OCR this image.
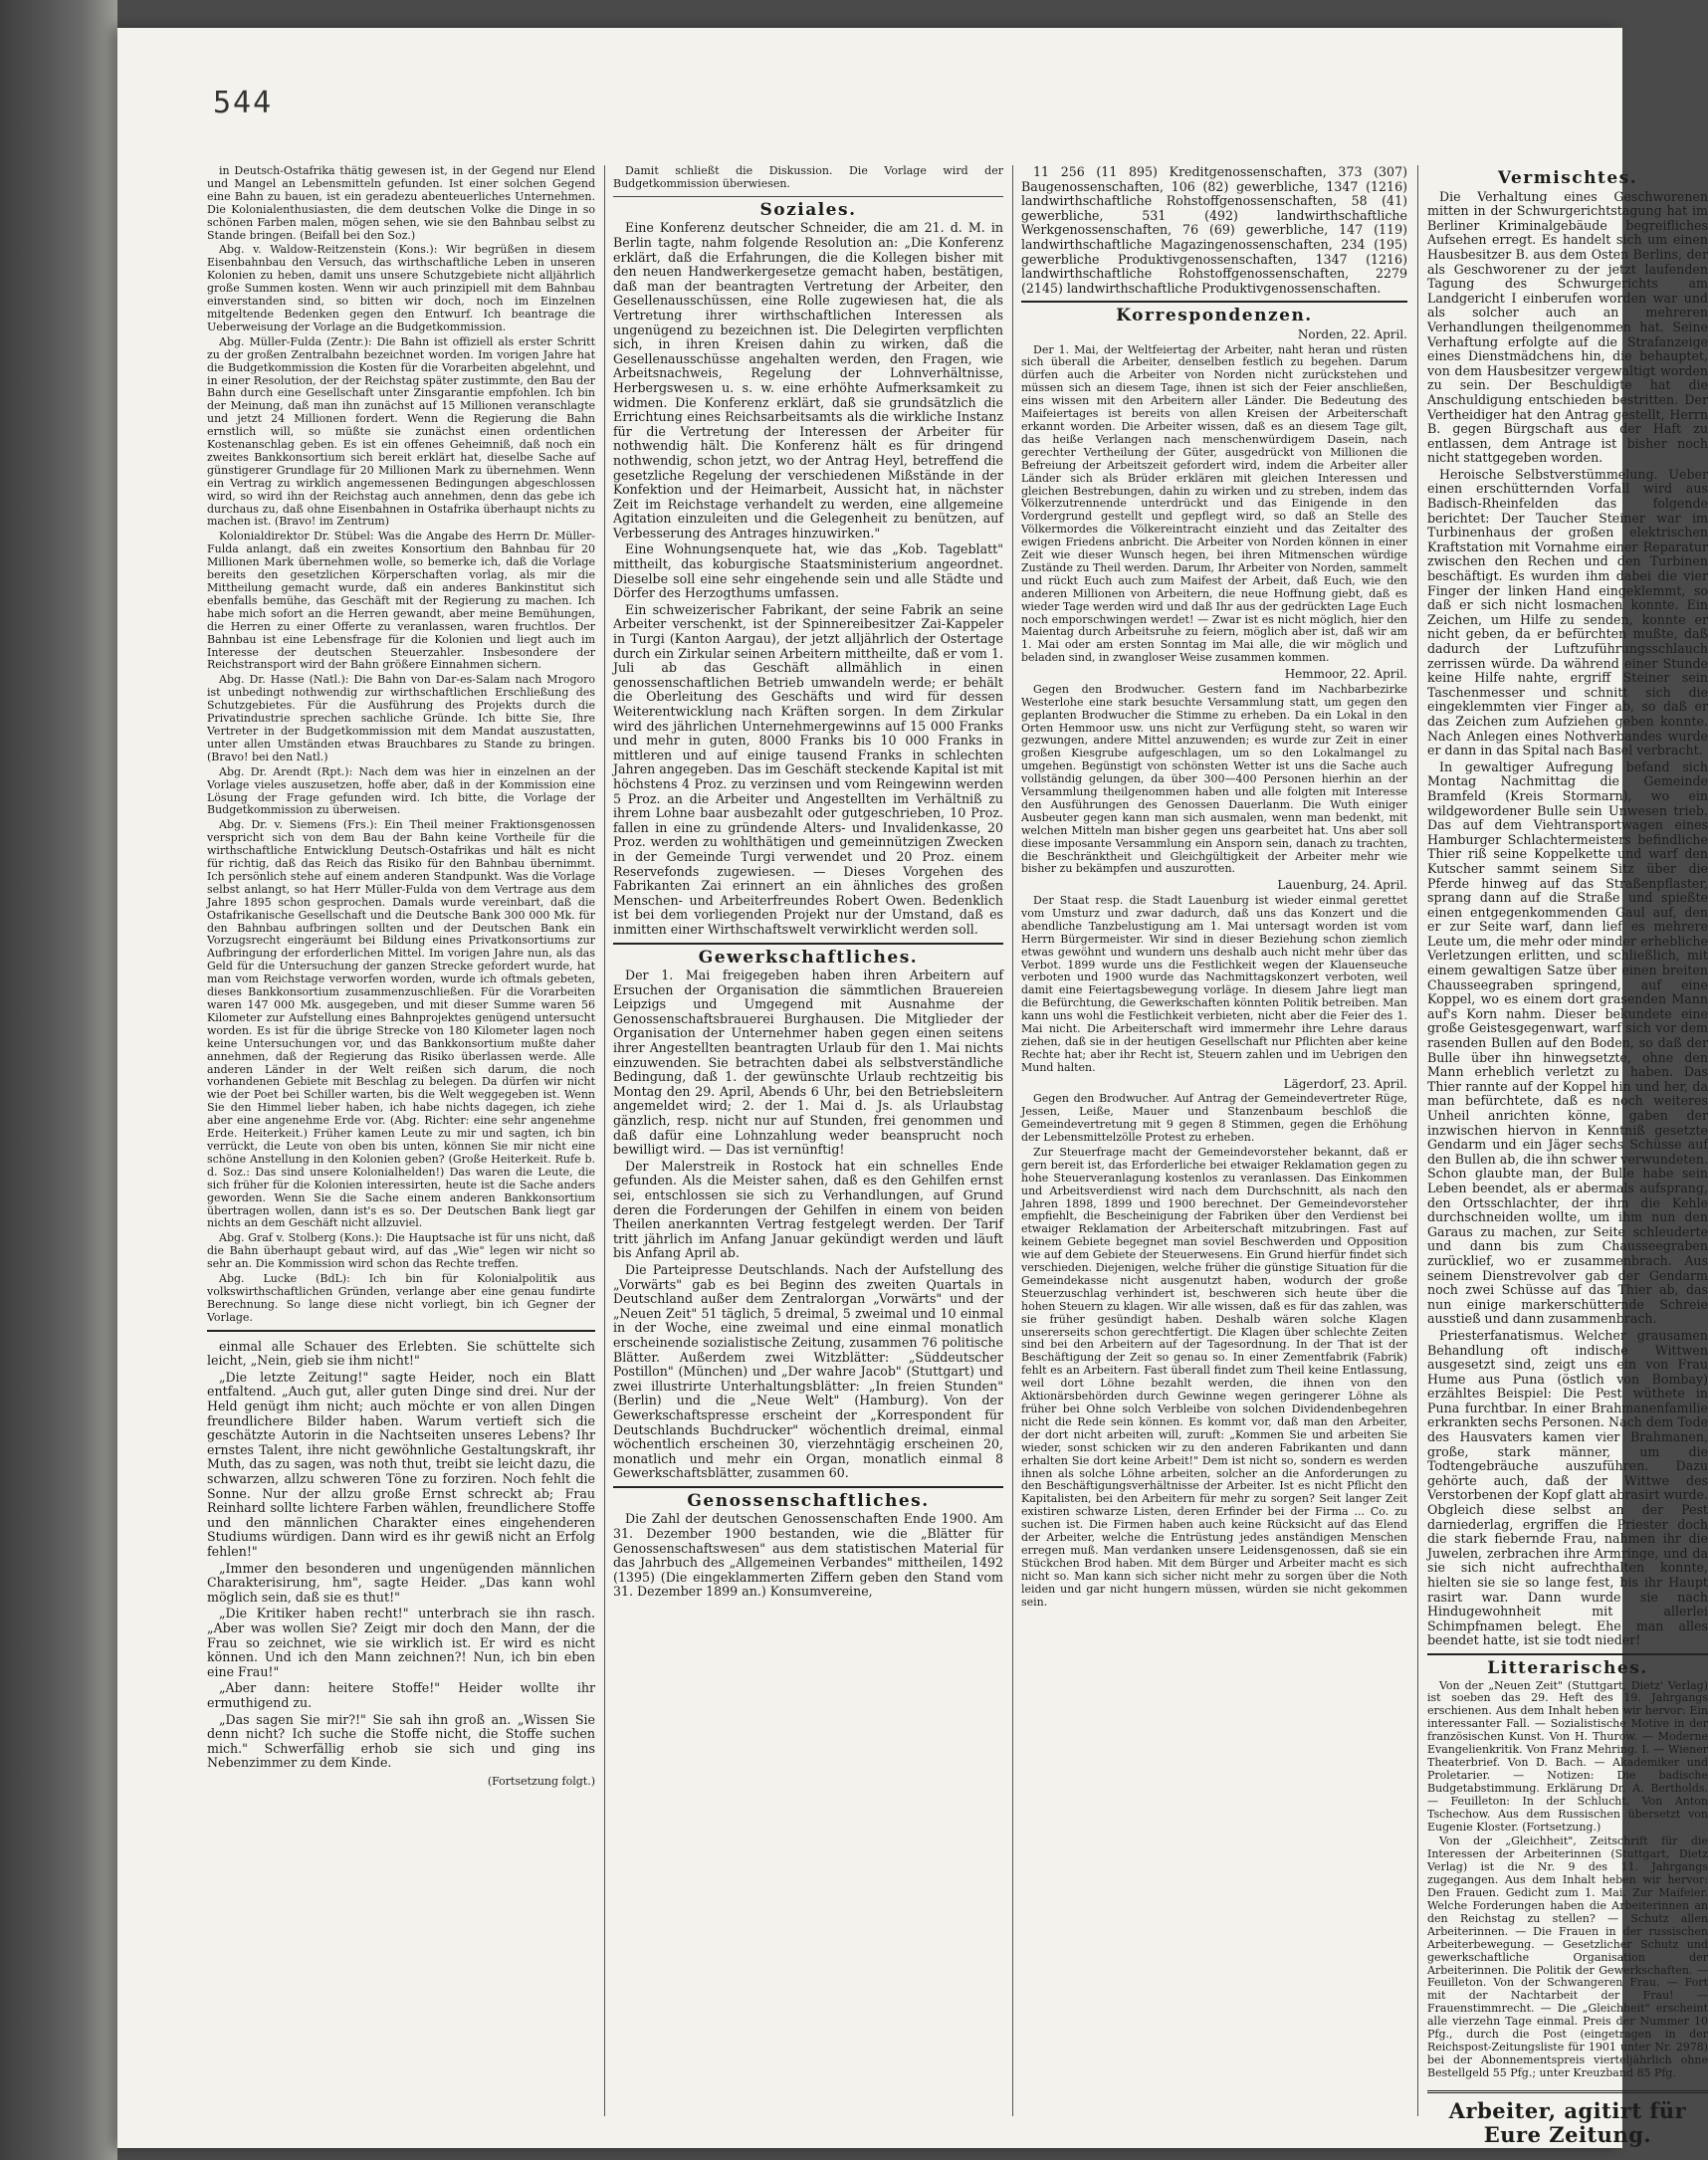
544

in Deutsch-Ostafrika thätig gewesen ist, in der Gegend nur Elend und Mangel an Lebensmitteln gefunden. Ist einer solchen Gegend eine Bahn zu bauen, ist ein geradezu abenteuerliches Unternehmen. Die Kolonialenthusiasten, die dem deutschen Volke die Dinge in so schönen Farben malen, mögen sehen, wie sie den Bahnbau selbst zu Stande bringen. (Beifall bei den Soz.)

Abg. v. Waldow-Reitzenstein (Kons.): Wir begrüßen in diesem Eisenbahnbau den Versuch, das wirthschaftliche Leben in unseren Kolonien zu heben, damit uns unsere Schutzgebiete nicht alljährlich große Summen kosten. Wenn wir auch prinzipiell mit dem Bahnbau einverstanden sind, so bitten wir doch, noch im Einzelnen mitgeltende Bedenken gegen den Entwurf. Ich beantrage die Ueberweisung der Vorlage an die Budgetkommission.

Abg. Müller-Fulda (Zentr.): Die Bahn ist offiziell als erster Schritt zu der großen Zentralbahn bezeichnet worden. Im vorigen Jahre hat die Budgetkommission die Kosten für die Vorarbeiten abgelehnt, und in einer Resolution, der der Reichstag später zustimmte, den Bau der Bahn durch eine Gesellschaft unter Zinsgarantie empfohlen. Ich bin der Meinung, daß man ihn zunächst auf 15 Millionen veranschlagte und jetzt 24 Millionen fordert. Wenn die Regierung die Bahn ernstlich will, so müßte sie zunächst einen ordentlichen Kostenanschlag geben. Es ist ein offenes Geheimniß, daß noch ein zweites Bankkonsortium sich bereit erklärt hat, dieselbe Sache auf günstigerer Grundlage für 20 Millionen Mark zu übernehmen. Wenn ein Vertrag zu wirklich angemessenen Bedingungen abgeschlossen wird, so wird ihn der Reichstag auch annehmen, denn das gebe ich durchaus zu, daß ohne Eisenbahnen in Ostafrika überhaupt nichts zu machen ist. (Bravo! im Zentrum)

Kolonialdirektor Dr. Stübel: Was die Angabe des Herrn Dr. Müller-Fulda anlangt, daß ein zweites Konsortium den Bahnbau für 20 Millionen Mark übernehmen wolle, so bemerke ich, daß die Vorlage bereits den gesetzlichen Körperschaften vorlag, als mir die Mittheilung gemacht wurde, daß ein anderes Bankinstitut sich ebenfalls bemühe, das Geschäft mit der Regierung zu machen. Ich habe mich sofort an die Herren gewandt, aber meine Bemühungen, die Herren zu einer Offerte zu veranlassen, waren fruchtlos. Der Bahnbau ist eine Lebensfrage für die Kolonien und liegt auch im Interesse der deutschen Steuerzahler. Insbesondere der Reichstransport wird der Bahn größere Einnahmen sichern.

Abg. Dr. Hasse (Natl.): Die Bahn von Dar-es-Salam nach Mrogoro ist unbedingt nothwendig zur wirthschaftlichen Erschließung des Schutzgebietes. Für die Ausführung des Projekts durch die Privatindustrie sprechen sachliche Gründe. Ich bitte Sie, Ihre Vertreter in der Budgetkommission mit dem Mandat auszustatten, unter allen Umständen etwas Brauchbares zu Stande zu bringen. (Bravo! bei den Natl.)

Abg. Dr. Arendt (Rpt.): Nach dem was hier in einzelnen an der Vorlage vieles auszusetzen, hoffe aber, daß in der Kommission eine Lösung der Frage gefunden wird. Ich bitte, die Vorlage der Budgetkommission zu überweisen.

Abg. Dr. v. Siemens (Frs.): Ein Theil meiner Fraktionsgenossen verspricht sich von dem Bau der Bahn keine Vortheile für die wirthschaftliche Entwicklung Deutsch-Ostafrikas und hält es nicht für richtig, daß das Reich das Risiko für den Bahnbau übernimmt. Ich persönlich stehe auf einem anderen Standpunkt. Was die Vorlage selbst anlangt, so hat Herr Müller-Fulda von dem Vertrage aus dem Jahre 1895 schon gesprochen. Damals wurde vereinbart, daß die Ostafrikanische Gesellschaft und die Deutsche Bank 300 000 Mk. für den Bahnbau aufbringen sollten und der Deutschen Bank ein Vorzugsrecht eingeräumt bei Bildung eines Privatkonsortiums zur Aufbringung der erforderlichen Mittel. Im vorigen Jahre nun, als das Geld für die Untersuchung der ganzen Strecke gefordert wurde, hat man vom Reichstage verworfen worden, wurde ich oftmals gebeten, dieses Bankkonsortium zusammenzuschließen. Für die Vorarbeiten waren 147 000 Mk. ausgegeben, und mit dieser Summe waren 56 Kilometer zur Aufstellung eines Bahnprojektes genügend untersucht worden. Es ist für die übrige Strecke von 180 Kilometer lagen noch keine Untersuchungen vor, und das Bankkonsortium mußte daher annehmen, daß der Regierung das Risiko überlassen werde. Alle anderen Länder in der Welt reißen sich darum, die noch vorhandenen Gebiete mit Beschlag zu belegen. Da dürfen wir nicht wie der Poet bei Schiller warten, bis die Welt weggegeben ist. Wenn Sie den Himmel lieber haben, ich habe nichts dagegen, ich ziehe aber eine angenehme Erde vor. (Abg. Richter: eine sehr angenehme Erde. Heiterkeit.) Früher kamen Leute zu mir und sagten, ich bin verrückt, die Leute von oben bis unten, können Sie mir nicht eine schöne Anstellung in den Kolonien geben? (Große Heiterkeit. Rufe b. d. Soz.: Das sind unsere Kolonialhelden!) Das waren die Leute, die sich früher für die Kolonien interessirten, heute ist die Sache anders geworden. Wenn Sie die Sache einem anderen Bankkonsortium übertragen wollen, dann ist's es so. Der Deutschen Bank liegt gar nichts an dem Geschäft nicht allzuviel.

Abg. Graf v. Stolberg (Kons.): Die Hauptsache ist für uns nicht, daß die Bahn überhaupt gebaut wird, auf das „Wie" legen wir nicht so sehr an. Die Kommission wird schon das Rechte treffen.

Abg. Lucke (BdL): Ich bin für Kolonialpolitik aus volkswirthschaftlichen Gründen, verlange aber eine genau fundirte Berechnung. So lange diese nicht vorliegt, bin ich Gegner der Vorlage.

einmal alle Schauer des Erlebten. Sie schüttelte sich leicht, „Nein, gieb sie ihm nicht!"

„Die letzte Zeitung!" sagte Heider, noch ein Blatt entfaltend. „Auch gut, aller guten Dinge sind drei. Nur der Held genügt ihm nicht; auch möchte er von allen Dingen freundlichere Bilder haben. Warum vertieft sich die geschätzte Autorin in die Nachtseiten unseres Lebens? Ihr ernstes Talent, ihre nicht gewöhnliche Gestaltungskraft, ihr Muth, das zu sagen, was noth thut, treibt sie leicht dazu, die schwarzen, allzu schweren Töne zu forziren. Noch fehlt die Sonne. Nur der allzu große Ernst schreckt ab; Frau Reinhard sollte lichtere Farben wählen, freundlichere Stoffe und den männlichen Charakter eines eingehenderen Studiums würdigen. Dann wird es ihr gewiß nicht an Erfolg fehlen!"

„Immer den besonderen und ungenügenden männlichen Charakterisirung, hm", sagte Heider. „Das kann wohl möglich sein, daß sie es thut!"

„Die Kritiker haben recht!" unterbrach sie ihn rasch. „Aber was wollen Sie? Zeigt mir doch den Mann, der die Frau so zeichnet, wie sie wirklich ist. Er wird es nicht können. Und ich den Mann zeichnen?! Nun, ich bin eben eine Frau!"

„Aber dann: heitere Stoffe!" Heider wollte ihr ermuthigend zu.

„Das sagen Sie mir?!" Sie sah ihn groß an. „Wissen Sie denn nicht? Ich suche die Stoffe nicht, die Stoffe suchen mich." Schwerfällig erhob sie sich und ging ins Nebenzimmer zu dem Kinde.

(Fortsetzung folgt.)

Damit schließt die Diskussion. Die Vorlage wird der Budgetkommission überwiesen.

Soziales.

Eine Konferenz deutscher Schneider, die am 21. d. M. in Berlin tagte, nahm folgende Resolution an: „Die Konferenz erklärt, daß die Erfahrungen, die die Kollegen bisher mit den neuen Handwerkergesetze gemacht haben, bestätigen, daß man der beantragten Vertretung der Arbeiter, den Gesellenausschüssen, eine Rolle zugewiesen hat, die als Vertretung ihrer wirthschaftlichen Interessen als ungenügend zu bezeichnen ist. Die Delegirten verpflichten sich, in ihren Kreisen dahin zu wirken, daß die Gesellenausschüsse angehalten werden, den Fragen, wie Arbeitsnachweis, Regelung der Lohnverhältnisse, Herbergswesen u. s. w. eine erhöhte Aufmerksamkeit zu widmen. Die Konferenz erklärt, daß sie grundsätzlich die Errichtung eines Reichsarbeitsamts als die wirkliche Instanz für die Vertretung der Interessen der Arbeiter für nothwendig hält. Die Konferenz hält es für dringend nothwendig, schon jetzt, wo der Antrag Heyl, betreffend die gesetzliche Regelung der verschiedenen Mißstände in der Konfektion und der Heimarbeit, Aussicht hat, in nächster Zeit im Reichstage verhandelt zu werden, eine allgemeine Agitation einzuleiten und die Gelegenheit zu benützen, auf Verbesserung des Antrages hinzuwirken."

Eine Wohnungsenquete hat, wie das „Kob. Tageblatt" mittheilt, das koburgische Staatsministerium angeordnet. Dieselbe soll eine sehr eingehende sein und alle Städte und Dörfer des Herzogthums umfassen.

Ein schweizerischer Fabrikant, der seine Fabrik an seine Arbeiter verschenkt, ist der Spinnereibesitzer Zai-Kappeler in Turgi (Kanton Aargau), der jetzt alljährlich der Ostertage durch ein Zirkular seinen Arbeitern mittheilte, daß er vom 1. Juli ab das Geschäft allmählich in einen genossenschaftlichen Betrieb umwandeln werde; er behält die Oberleitung des Geschäfts und wird für dessen Weiterentwicklung nach Kräften sorgen. In dem Zirkular wird des jährlichen Unternehmergewinns auf 15 000 Franks und mehr in guten, 8000 Franks bis 10 000 Franks in mittleren und auf einige tausend Franks in schlechten Jahren angegeben. Das im Geschäft steckende Kapital ist mit höchstens 4 Proz. zu verzinsen und vom Reingewinn werden 5 Proz. an die Arbeiter und Angestellten im Verhältniß zu ihrem Lohne baar ausbezahlt oder gutgeschrieben, 10 Proz. fallen in eine zu gründende Alters- und Invalidenkasse, 20 Proz. werden zu wohlthätigen und gemeinnützigen Zwecken in der Gemeinde Turgi verwendet und 20 Proz. einem Reservefonds zugewiesen. — Dieses Vorgehen des Fabrikanten Zai erinnert an ein ähnliches des großen Menschen- und Arbeiterfreundes Robert Owen. Bedenklich ist bei dem vorliegenden Projekt nur der Umstand, daß es inmitten einer Wirthschaftswelt verwirklicht werden soll.

Gewerkschaftliches.

Der 1. Mai freigegeben haben ihren Arbeitern auf Ersuchen der Organisation die sämmtlichen Brauereien Leipzigs und Umgegend mit Ausnahme der Genossenschaftsbrauerei Burghausen. Die Mitglieder der Organisation der Unternehmer haben gegen einen seitens ihrer Angestellten beantragten Urlaub für den 1. Mai nichts einzuwenden. Sie betrachten dabei als selbstverständliche Bedingung, daß 1. der gewünschte Urlaub rechtzeitig bis Montag den 29. April, Abends 6 Uhr, bei den Betriebsleitern angemeldet wird; 2. der 1. Mai d. Js. als Urlaubstag gänzlich, resp. nicht nur auf Stunden, frei genommen und daß dafür eine Lohnzahlung weder beansprucht noch bewilligt wird. — Das ist vernünftig!

Der Malerstreik in Rostock hat ein schnelles Ende gefunden. Als die Meister sahen, daß es den Gehilfen ernst sei, entschlossen sie sich zu Verhandlungen, auf Grund deren die Forderungen der Gehilfen in einem von beiden Theilen anerkannten Vertrag festgelegt werden. Der Tarif tritt jährlich im Anfang Januar gekündigt werden und läuft bis Anfang April ab.

Die Parteipresse Deutschlands. Nach der Aufstellung des „Vorwärts" gab es bei Beginn des zweiten Quartals in Deutschland außer dem Zentralorgan „Vorwärts" und der „Neuen Zeit" 51 täglich, 5 dreimal, 5 zweimal und 10 einmal in der Woche, eine zweimal und eine einmal monatlich erscheinende sozialistische Zeitung, zusammen 76 politische Blätter. Außerdem zwei Witzblätter: „Süddeutscher Postillon" (München) und „Der wahre Jacob" (Stuttgart) und zwei illustrirte Unterhaltungsblätter: „In freien Stunden" (Berlin) und die „Neue Welt" (Hamburg). Von der Gewerkschaftspresse erscheint der „Korrespondent für Deutschlands Buchdrucker" wöchentlich dreimal, einmal wöchentlich erscheinen 30, vierzehntägig erscheinen 20, monatlich und mehr ein Organ, monatlich einmal 8 Gewerkschaftsblätter, zusammen 60.

Genossenschaftliches.

Die Zahl der deutschen Genossenschaften Ende 1900. Am 31. Dezember 1900 bestanden, wie die „Blätter für Genossenschaftswesen" aus dem statistischen Material für das Jahrbuch des „Allgemeinen Verbandes" mittheilen, 1492 (1395) (Die eingeklammerten Ziffern geben den Stand vom 31. Dezember 1899 an.) Konsumvereine,

11 256 (11 895) Kreditgenossenschaften, 373 (307) Baugenossenschaften, 106 (82) gewerbliche, 1347 (1216) landwirthschaftliche Rohstoffgenossenschaften, 58 (41) gewerbliche, 531 (492) landwirthschaftliche Werkgenossenschaften, 76 (69) gewerbliche, 147 (119) landwirthschaftliche Magazingenossenschaften, 234 (195) gewerbliche Produktivgenossenschaften, 1347 (1216) landwirthschaftliche Rohstoffgenossenschaften, 2279 (2145) landwirthschaftliche Produktivgenossenschaften.

Korrespondenzen.
Norden, 22. April.

Der 1. Mai, der Weltfeiertag der Arbeiter, naht heran und rüsten sich überall die Arbeiter, denselben festlich zu begehen. Darum dürfen auch die Arbeiter von Norden nicht zurückstehen und müssen sich an diesem Tage, ihnen ist sich der Feier anschließen, eins wissen mit den Arbeitern aller Länder. Die Bedeutung des Maifeiertages ist bereits von allen Kreisen der Arbeiterschaft erkannt worden. Die Arbeiter wissen, daß es an diesem Tage gilt, das heiße Verlangen nach menschenwürdigem Dasein, nach gerechter Vertheilung der Güter, ausgedrückt von Millionen die Befreiung der Arbeitszeit gefordert wird, indem die Arbeiter aller Länder sich als Brüder erklären mit gleichen Interessen und gleichen Bestrebungen, dahin zu wirken und zu streben, indem das Völkerzutrennende unterdrückt und das Einigende in den Vordergrund gestellt und gepflegt wird, so daß an Stelle des Völkermordes die Völkereintracht einzieht und das Zeitalter des ewigen Friedens anbricht. Die Arbeiter von Norden können in einer Zeit wie dieser Wunsch hegen, bei ihren Mitmenschen würdige Zustände zu Theil werden. Darum, Ihr Arbeiter von Norden, sammelt und rückt Euch auch zum Maifest der Arbeit, daß Euch, wie den anderen Millionen von Arbeitern, die neue Hoffnung giebt, daß es wieder Tage werden wird und daß Ihr aus der gedrückten Lage Euch noch emporschwingen werdet! — Zwar ist es nicht möglich, hier den Maientag durch Arbeitsruhe zu feiern, möglich aber ist, daß wir am 1. Mai oder am ersten Sonntag im Mai alle, die wir möglich und beladen sind, in zwangloser Weise zusammen kommen.

Hemmoor, 22. April.

Gegen den Brodwucher. Gestern fand im Nachbarbezirke Westerlohe eine stark besuchte Versammlung statt, um gegen den geplanten Brodwucher die Stimme zu erheben. Da ein Lokal in den Orten Hemmoor usw. uns nicht zur Verfügung steht, so waren wir gezwungen, andere Mittel anzuwenden; es wurde zur Zeit in einer großen Kiesgrube aufgeschlagen, um so den Lokalmangel zu umgehen. Begünstigt von schönsten Wetter ist uns die Sache auch vollständig gelungen, da über 300—400 Personen hierhin an der Versammlung theilgenommen haben und alle folgten mit Interesse den Ausführungen des Genossen Dauerlanm. Die Wuth einiger Ausbeuter gegen kann man sich ausmalen, wenn man bedenkt, mit welchen Mitteln man bisher gegen uns gearbeitet hat. Uns aber soll diese imposante Versammlung ein Ansporn sein, danach zu trachten, die Beschränktheit und Gleichgültigkeit der Arbeiter mehr wie bisher zu bekämpfen und auszurotten.

Lauenburg, 24. April.

Der Staat resp. die Stadt Lauenburg ist wieder einmal gerettet vom Umsturz und zwar dadurch, daß uns das Konzert und die abendliche Tanzbelustigung am 1. Mai untersagt worden ist vom Herrn Bürgermeister. Wir sind in dieser Beziehung schon ziemlich etwas gewöhnt und wundern uns deshalb auch nicht mehr über das Verbot. 1899 wurde uns die Festlichkeit wegen der Klauenseuche verboten und 1900 wurde das Nachmittagskonzert verboten, weil damit eine Feiertagsbewegung vorläge. In diesem Jahre liegt man die Befürchtung, die Gewerkschaften könnten Politik betreiben. Man kann uns wohl die Festlichkeit verbieten, nicht aber die Feier des 1. Mai nicht. Die Arbeiterschaft wird immermehr ihre Lehre daraus ziehen, daß sie in der heutigen Gesellschaft nur Pflichten aber keine Rechte hat; aber ihr Recht ist, Steuern zahlen und im Uebrigen den Mund halten.

Lägerdorf, 23. April.

Gegen den Brodwucher. Auf Antrag der Gemeindevertreter Rüge, Jessen, Leiße, Mauer und Stanzenbaum beschloß die Gemeindevertretung mit 9 gegen 8 Stimmen, gegen die Erhöhung der Lebensmittelzölle Protest zu erheben.

Zur Steuerfrage macht der Gemeindevorsteher bekannt, daß er gern bereit ist, das Erforderliche bei etwaiger Reklamation gegen zu hohe Steuerveranlagung kostenlos zu veranlassen. Das Einkommen und Arbeitsverdienst wird nach dem Durchschnitt, als nach den Jahren 1898, 1899 und 1900 berechnet. Der Gemeindevorsteher empfiehlt, die Bescheinigung der Fabriken über den Verdienst bei etwaiger Reklamation der Arbeiterschaft mitzubringen. Fast auf keinem Gebiete begegnet man soviel Beschwerden und Opposition wie auf dem Gebiete der Steuerwesens. Ein Grund hierfür findet sich verschieden. Diejenigen, welche früher die günstige Situation für die Gemeindekasse nicht ausgenutzt haben, wodurch der große Steuerzuschlag verhindert ist, beschweren sich heute über die hohen Steuern zu klagen. Wir alle wissen, daß es für das zahlen, was sie früher gesündigt haben. Deshalb wären solche Klagen unsererseits schon gerechtfertigt. Die Klagen über schlechte Zeiten sind bei den Arbeitern auf der Tagesordnung. In der That ist der Beschäftigung der Zeit so genau so. In einer Zementfabrik (Fabrik) fehlt es an Arbeitern. Fast überall findet zum Theil keine Entlassung, weil dort Löhne bezahlt werden, die ihnen von den Aktionärsbehörden durch Gewinne wegen geringerer Löhne als früher bei Ohne solch Verbleibe von solchen Dividendenbegehren nicht die Rede sein können. Es kommt vor, daß man den Arbeiter, der dort nicht arbeiten will, zuruft: „Kommen Sie und arbeiten Sie wieder, sonst schicken wir zu den anderen Fabrikanten und dann erhalten Sie dort keine Arbeit!" Dem ist nicht so, sondern es werden ihnen als solche Löhne arbeiten, solcher an die Anforderungen zu den Beschäftigungsverhältnisse der Arbeiter. Ist es nicht Pflicht den Kapitalisten, bei den Arbeitern für mehr zu sorgen? Seit langer Zeit existiren schwarze Listen, deren Erfinder bei der Firma ... Co. zu suchen ist. Die Firmen haben auch keine Rücksicht auf das Elend der Arbeiter, welche die Entrüstung jedes anständigen Menschen erregen muß. Man verdanken unsere Leidensgenossen, daß sie ein Stückchen Brod haben. Mit dem Bürger und Arbeiter macht es sich nicht so. Man kann sich sicher nicht mehr zu sorgen über die Noth leiden und gar nicht hungern müssen, würden sie nicht gekommen sein.

Vermischtes.

Die Verhaltung eines Geschworenen mitten in der Schwurgerichtstagung hat im Berliner Kriminalgebäude begreifliches Aufsehen erregt. Es handelt sich um einen Hausbesitzer B. aus dem Osten Berlins, der als Geschworener zu der jetzt laufenden Tagung des Schwurgerichts am Landgericht I einberufen worden war und als solcher auch an mehreren Verhandlungen theilgenommen hat. Seine Verhaftung erfolgte auf die Strafanzeige eines Dienstmädchens hin, die behauptet, von dem Hausbesitzer vergewaltigt worden zu sein. Der Beschuldigte hat die Anschuldigung entschieden bestritten. Der Vertheidiger hat den Antrag gestellt, Herrn B. gegen Bürgschaft aus der Haft zu entlassen, dem Antrage ist bisher noch nicht stattgegeben worden.

Heroische Selbstverstümmelung. Ueber einen erschütternden Vorfall wird aus Badisch-Rheinfelden das folgende berichtet: Der Taucher Steiner war im Turbinenhaus der großen elektrischen Kraftstation mit Vornahme einer Reparatur zwischen den Rechen und den Turbinen beschäftigt. Es wurden ihm dabei die vier Finger der linken Hand eingeklemmt, so daß er sich nicht losmachen konnte. Ein Zeichen, um Hilfe zu senden, konnte er nicht geben, da er befürchten mußte, daß dadurch der Luftzuführungsschlauch zerrissen würde. Da während einer Stunde keine Hilfe nahte, ergriff Steiner sein Taschenmesser und schnitt sich die eingeklemmten vier Finger ab, so daß er das Zeichen zum Aufziehen geben konnte. Nach Anlegen eines Nothverbandes wurde er dann in das Spital nach Basel verbracht.

In gewaltiger Aufregung befand sich Montag Nachmittag die Gemeinde Bramfeld (Kreis Stormarn), wo ein wildgewordener Bulle sein Unwesen trieb. Das auf dem Viehtransportwagen eines Hamburger Schlachtermeisters befindliche Thier riß seine Koppelkette und warf den Kutscher sammt seinem Sitz über die Pferde hinweg auf das Straßenpflaster, sprang dann auf die Straße und spießte einen entgegenkommenden Gaul auf, den er zur Seite warf, dann lief es mehrere Leute um, die mehr oder minder erhebliche Verletzungen erlitten, und schließlich, mit einem gewaltigen Satze über einen breiten Chausseegraben springend, auf eine Koppel, wo es einem dort grasenden Mann auf's Korn nahm. Dieser bekundete eine große Geistesgegenwart, warf sich vor dem rasenden Bullen auf den Boden, so daß der Bulle über ihn hinwegsetzte, ohne den Mann erheblich verletzt zu haben. Das Thier rannte auf der Koppel hin und her, da man befürchtete, daß es noch weiteres Unheil anrichten könne, gaben der inzwischen hiervon in Kenntniß gesetzte Gendarm und ein Jäger sechs Schüsse auf den Bullen ab, die ihn schwer verwundeten. Schon glaubte man, der Bulle habe sein Leben beendet, als er abermals aufsprang, den Ortsschlachter, der ihm die Kehle durchschneiden wollte, um ihm nun den Garaus zu machen, zur Seite schleuderte und dann bis zum Chausseegraben zurücklief, wo er zusammenbrach. Aus seinem Dienstrevolver gab der Gendarm noch zwei Schüsse auf das Thier ab, das nun einige markerschütternde Schreie ausstieß und dann zusammenbrach.

Priesterfanatismus. Welcher grausamen Behandlung oft indische Wittwen ausgesetzt sind, zeigt uns ein von Frau Hume aus Puna (östlich von Bombay) erzähltes Beispiel: Die Pest wüthete in Puna furchtbar. In einer Brahmanenfamilie erkrankten sechs Personen. Nach dem Tode des Hausvaters kamen vier Brahmanen, große, stark männer, um die Todtengebräuche auszuführen. Dazu gehörte auch, daß der Wittwe des Verstorbenen der Kopf glatt abrasirt wurde. Obgleich diese selbst an der Pest darniederlag, ergriffen die Priester doch die stark fiebernde Frau, nahmen ihr die Juwelen, zerbrachen ihre Armringe, und da sie sich nicht aufrechthalten konnte, hielten sie sie so lange fest, bis ihr Haupt rasirt war. Dann wurde sie nach Hindugewohnheit mit allerlei Schimpfnamen belegt. Ehe man alles beendet hatte, ist sie todt nieder!

Litterarisches.

Von der „Neuen Zeit" (Stuttgart, Dietz' Verlag) ist soeben das 29. Heft des 19. Jahrgangs erschienen. Aus dem Inhalt heben wir hervor: Ein interessanter Fall. — Sozialistische Motive in der französischen Kunst. Von H. Thurow. — Moderne Evangelienkritik. Von Franz Mehring. I. — Wiener Theaterbrief. Von D. Bach. — Akademiker und Proletarier. — Notizen: Die badische Budgetabstimmung. Erklärung Dr. A. Bertholds. — Feuilleton: In der Schlucht. Von Anton Tschechow. Aus dem Russischen übersetzt von Eugenie Kloster. (Fortsetzung.)

Von der „Gleichheit", Zeitschrift für die Interessen der Arbeiterinnen (Stuttgart, Dietz Verlag) ist die Nr. 9 des 11. Jahrgangs zugegangen. Aus dem Inhalt heben wir hervor: Den Frauen. Gedicht zum 1. Mai. Zur Maifeier. Welche Forderungen haben die Arbeiterinnen an den Reichstag zu stellen? — Schutz allen Arbeiterinnen. — Die Frauen in der russischen Arbeiterbewegung. — Gesetzlicher Schutz und gewerkschaftliche Organisation der Arbeiterinnen. Die Politik der Gewerkschaften. — Feuilleton. Von der Schwangeren Frau. — Fort mit der Nachtarbeit der Frau! — Frauenstimmrecht. — Die „Gleichheit" erscheint alle vierzehn Tage einmal. Preis der Nummer 10 Pfg., durch die Post (eingetragen in der Reichspost-Zeitungsliste für 1901 unter Nr. 2978) bei der Abonnementspreis vierteljährlich ohne Bestellgeld 55 Pfg.; unter Kreuzband 85 Pfg.

Arbeiter, agitirt für Eure Zeitung.
